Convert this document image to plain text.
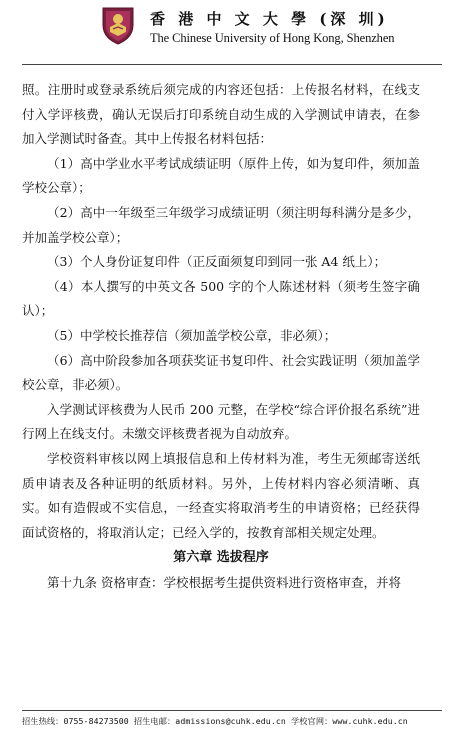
香 港 中 文 大 學 (深 圳)
The Chinese University of Hong Kong, Shenzhen

照。注册时或登录系统后须完成的内容还包括：上传报名材料，在线支付入学评核费，确认无误后打印系统自动生成的入学测试申请表，在参加入学测试时备查。其中上传报名材料包括：

（1）高中学业水平考试成绩证明（原件上传，如为复印件，须加盖学校公章）；

（2）高中一年级至三年级学习成绩证明（须注明每科满分是多少，并加盖学校公章）；

（3）个人身份证复印件（正反面须复印到同一张 A4 纸上）；

（4）本人撰写的中英文各 500 字的个人陈述材料（须考生签字确认）；

（5）中学校长推荐信（须加盖学校公章，非必须）；

（6）高中阶段参加各项获奖证书复印件、社会实践证明（须加盖学校公章，非必须）。

入学测试评核费为人民币 200 元整，在学校“综合评价报名系统”进行网上在线支付。未缴交评核费者视为自动放弃。

学校资料审核以网上填报信息和上传材料为准，考生无须邮寄送纸质申请表及各种证明的纸质材料。另外，上传材料内容必须清晰、真实。如有造假或不实信息，一经查实将取消考生的申请资格；已经获得面试资格的，将取消认定；已经入学的，按教育部相关规定处理。

第六章 选拔程序

第十九条 资格审查：学校根据考生提供资料进行资格审查，并将

招生热线：0755-84273500 招生电邮：admissions@cuhk.edu.cn 学校官网：www.cuhk.edu.cn
